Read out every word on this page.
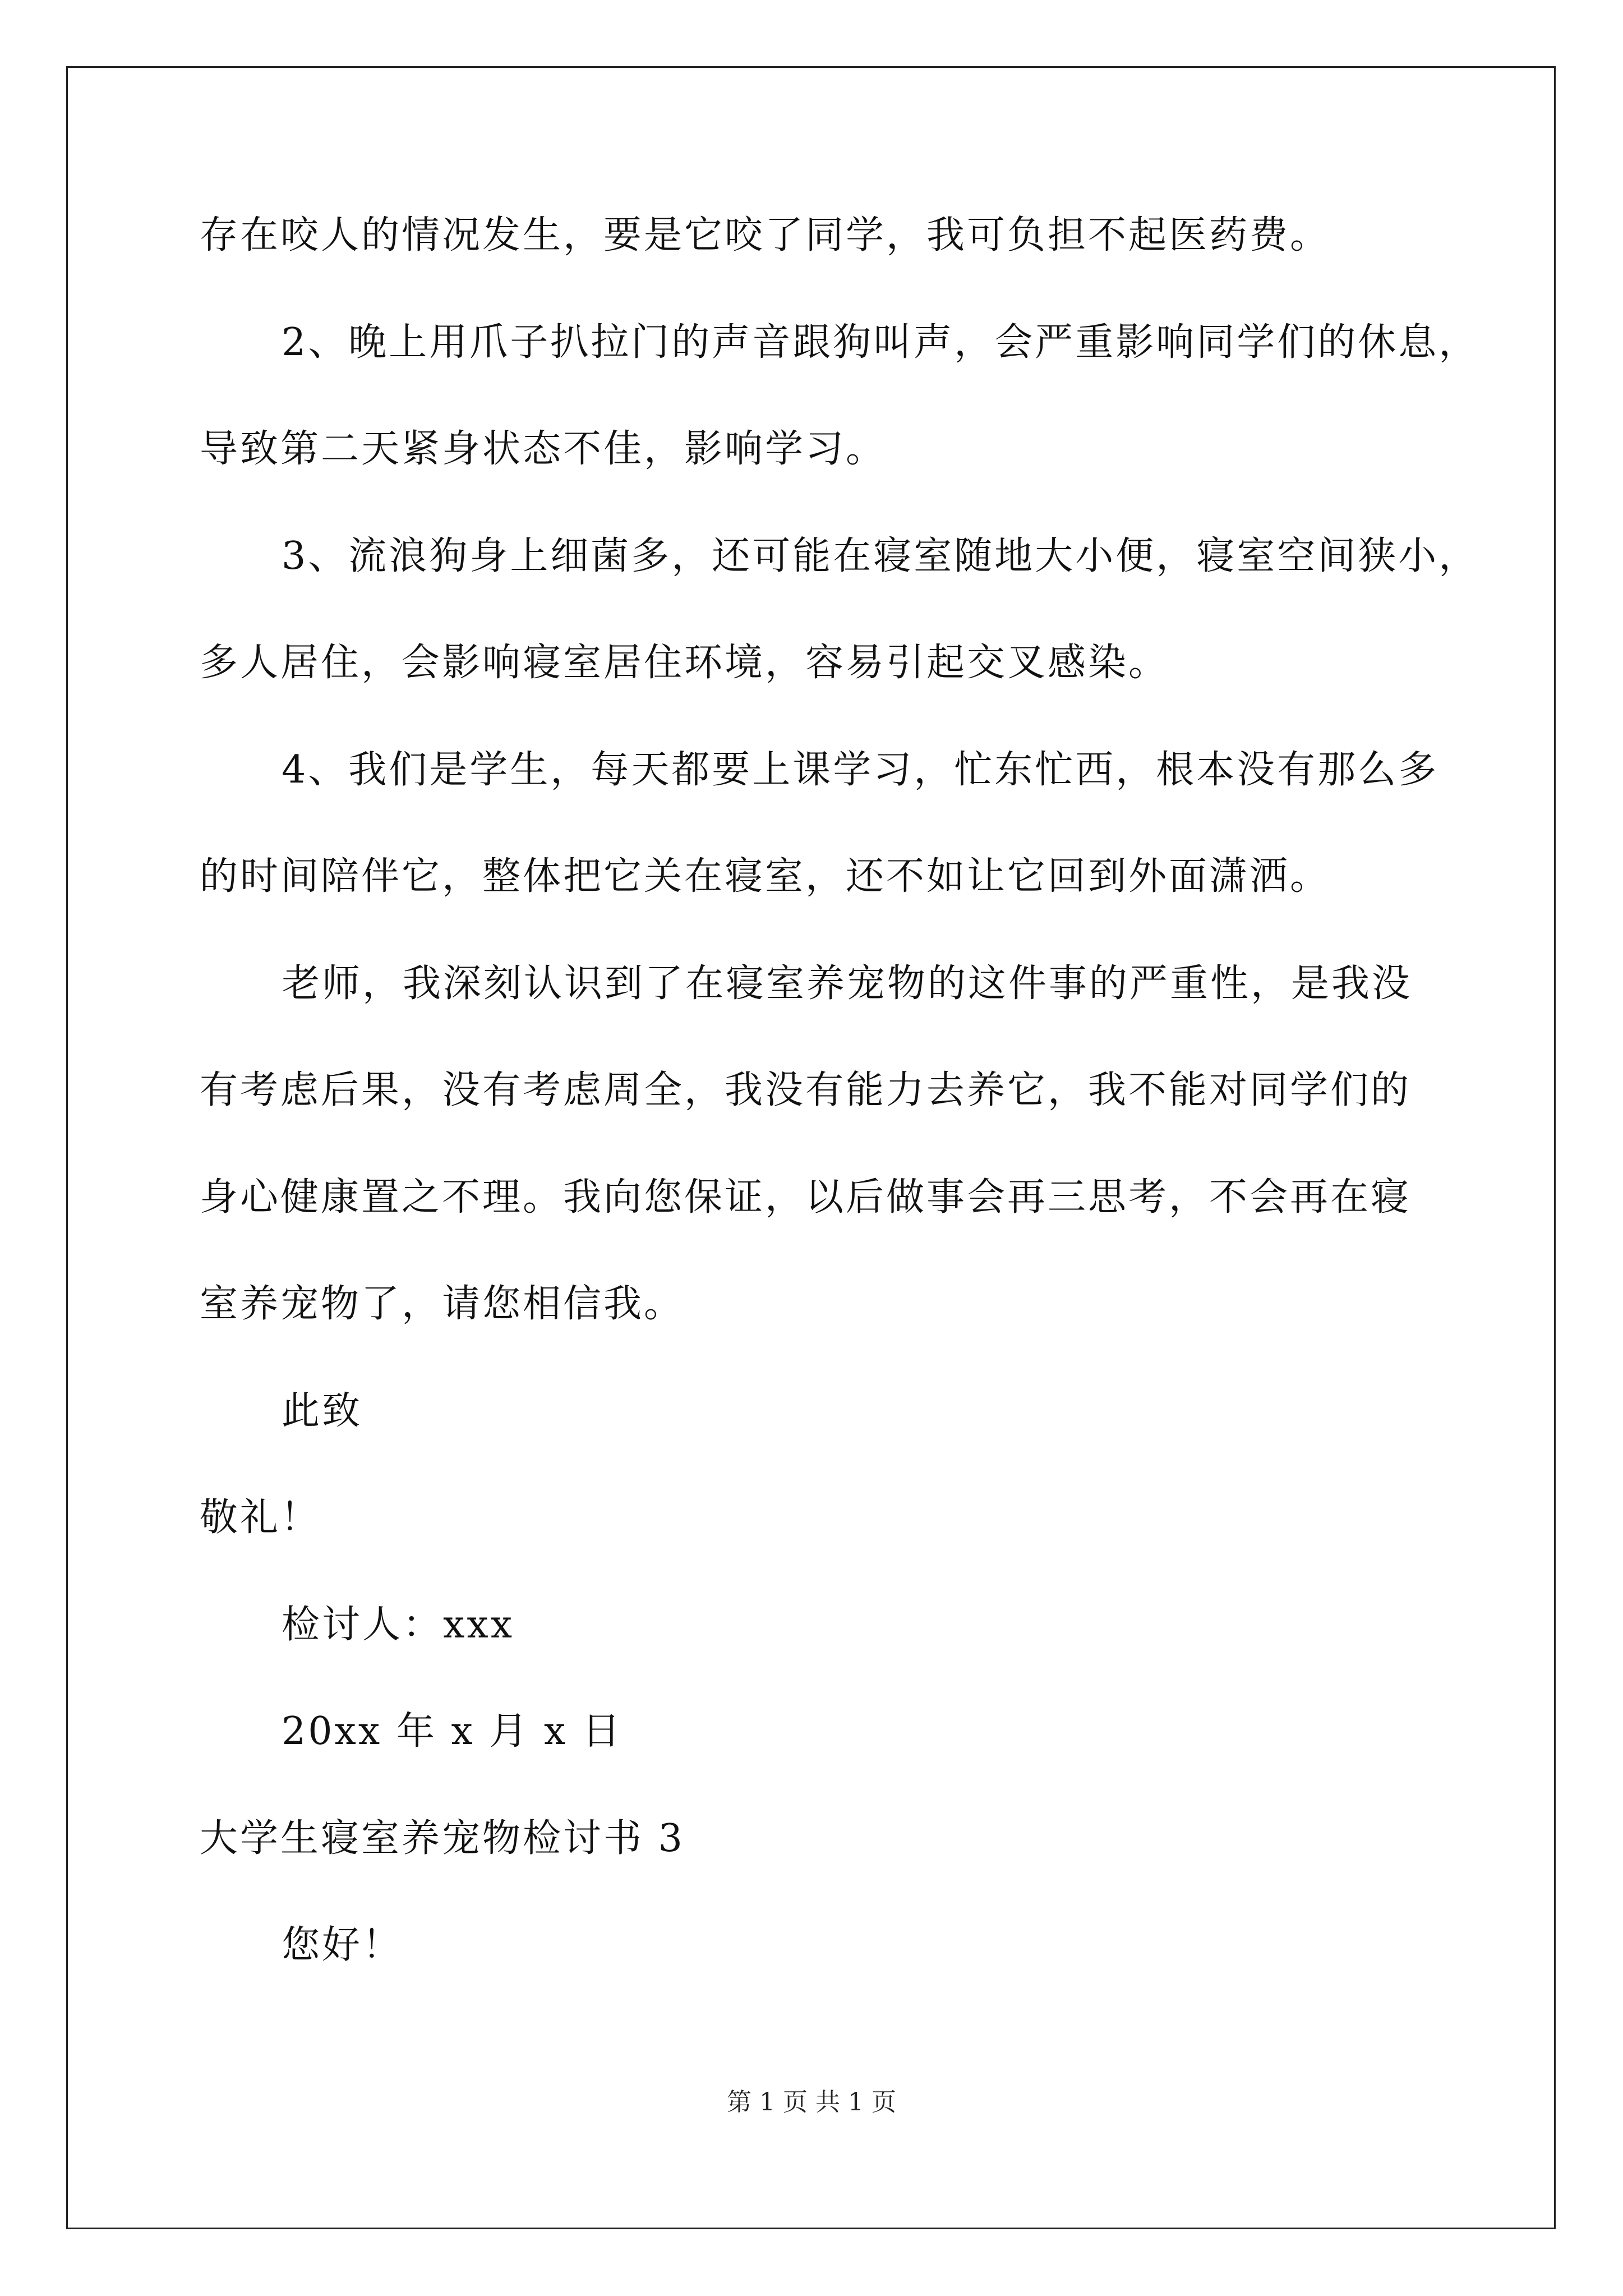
存在咬人的情况发生，要是它咬了同学，我可负担不起医药费。
2、晚上用爪子扒拉门的声音跟狗叫声，会严重影响同学们的休息，
导致第二天紧身状态不佳，影响学习。
3、流浪狗身上细菌多，还可能在寝室随地大小便，寝室空间狭小，
多人居住，会影响寝室居住环境，容易引起交叉感染。
4、我们是学生，每天都要上课学习，忙东忙西，根本没有那么多
的时间陪伴它，整体把它关在寝室，还不如让它回到外面潇洒。
老师，我深刻认识到了在寝室养宠物的这件事的严重性，是我没
有考虑后果，没有考虑周全，我没有能力去养它，我不能对同学们的
身心健康置之不理。我向您保证，以后做事会再三思考，不会再在寝
室养宠物了，请您相信我。
此致
敬礼！
检讨人：xxx
20xx 年 x 月 x 日
大学生寝室养宠物检讨书 3
您好！
第 1 页 共 1 页
